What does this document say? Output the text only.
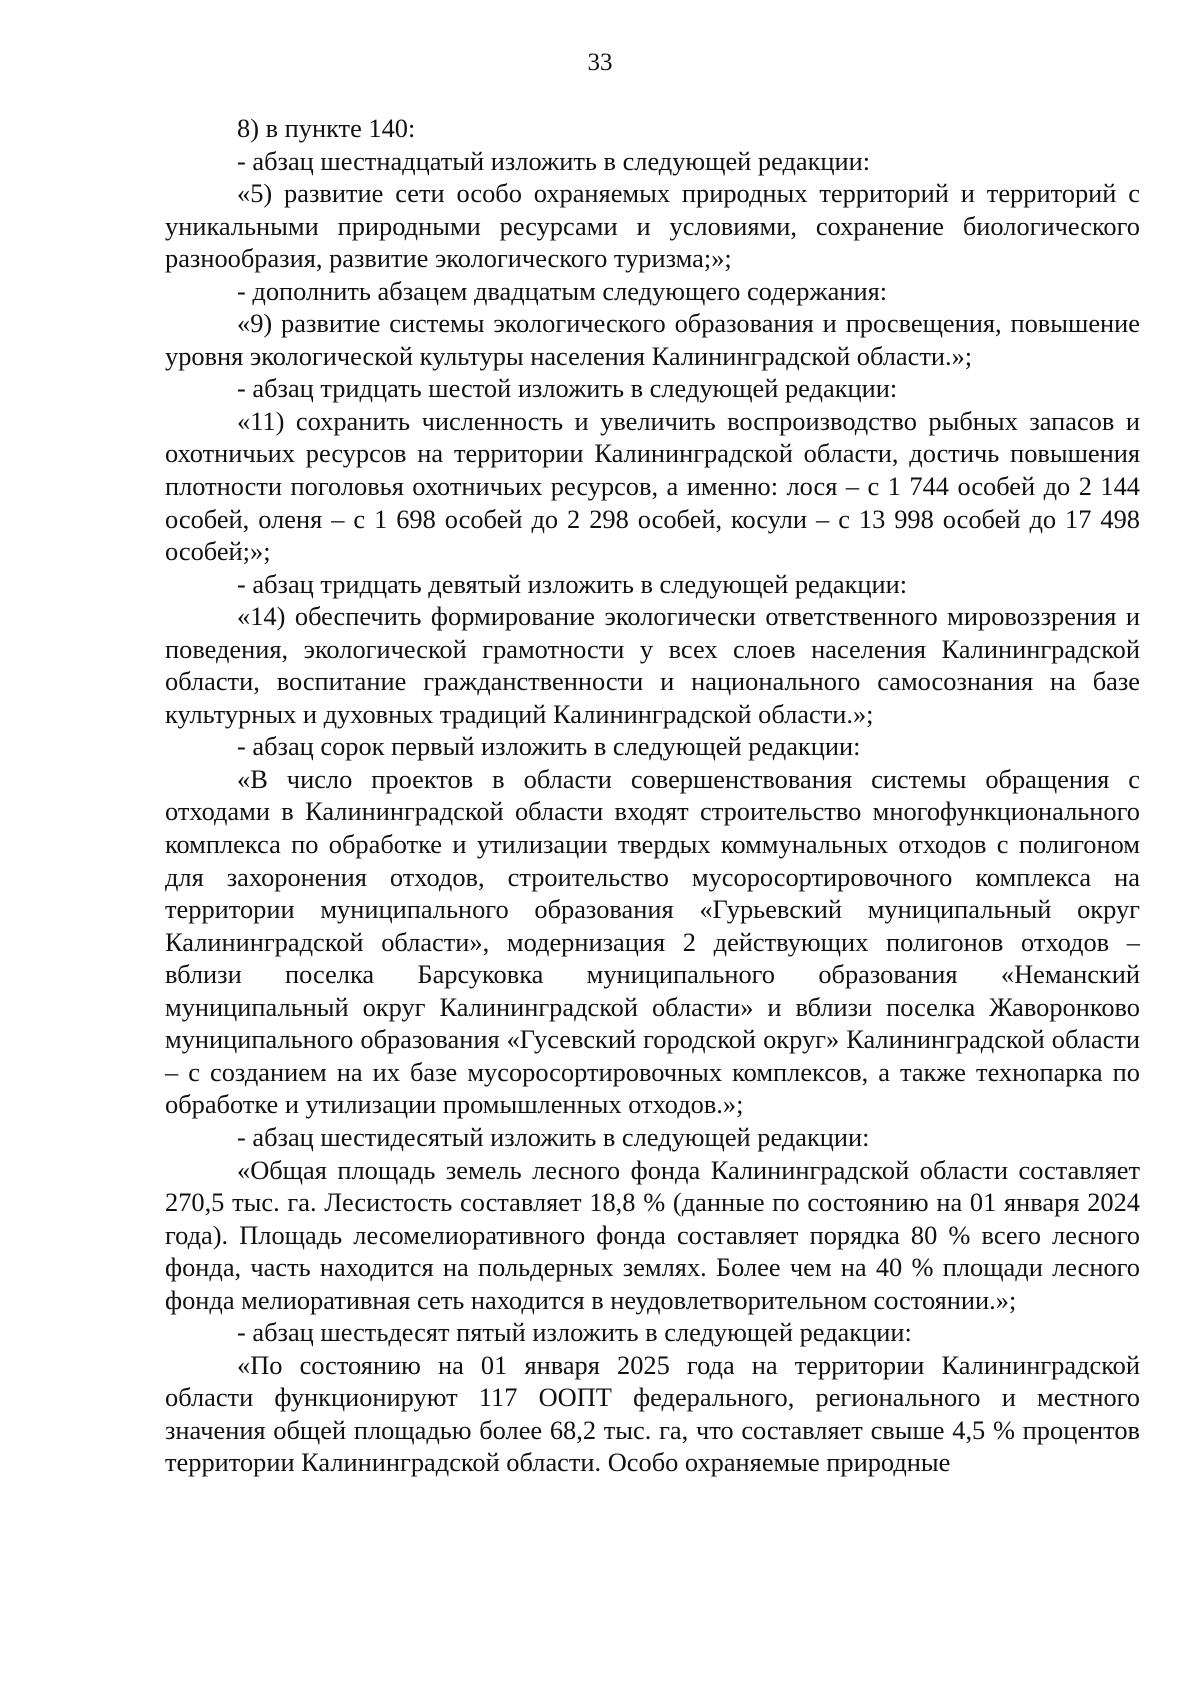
33

8) в пункте 140:

- абзац шестнадцатый изложить в следующей редакции:

«5) развитие сети особо охраняемых природных территорий и территорий с уникальными природными ресурсами и условиями, сохранение биологического разнообразия, развитие экологического туризма;»;

- дополнить абзацем двадцатым следующего содержания:

«9) развитие системы экологического образования и просвещения, повышение уровня экологической культуры населения Калининградской области.»;

- абзац тридцать шестой изложить в следующей редакции:

«11) сохранить численность и увеличить воспроизводство рыбных запасов и охотничьих ресурсов на территории Калининградской области, достичь повышения плотности поголовья охотничьих ресурсов, а именно: лося – с 1 744 особей до 2 144 особей, оленя – с 1 698 особей до 2 298 особей, косули – с 13 998 особей до 17 498 особей;»;

- абзац тридцать девятый изложить в следующей редакции:

«14) обеспечить формирование экологически ответственного мировоззрения и поведения, экологической грамотности у всех слоев населения Калининградской области, воспитание гражданственности и национального самосознания на базе культурных и духовных традиций Калининградской области.»;

- абзац сорок первый изложить в следующей редакции:

«В число проектов в области совершенствования системы обращения с отходами в Калининградской области входят строительство многофункционального комплекса по обработке и утилизации твердых коммунальных отходов с полигоном для захоронения отходов, строительство мусоросортировочного комплекса на территории муниципального образования «Гурьевский муниципальный округ Калининградской области», модернизация 2 действующих полигонов отходов – вблизи поселка Барсуковка муниципального образования «Неманский муниципальный округ Калининградской области» и вблизи поселка Жаворонково муниципального образования «Гусевский городской округ» Калининградской области – с созданием на их базе мусоросортировочных комплексов, а также технопарка по обработке и утилизации промышленных отходов.»;

- абзац шестидесятый изложить в следующей редакции:

«Общая площадь земель лесного фонда Калининградской области составляет 270,5 тыс. га. Лесистость составляет 18,8 % (данные по состоянию на 01 января 2024 года). Площадь лесомелиоративного фонда составляет порядка 80 % всего лесного фонда, часть находится на польдерных землях. Более чем на 40 % площади лесного фонда мелиоративная сеть находится в неудовлетворительном состоянии.»;

- абзац шестьдесят пятый изложить в следующей редакции:

«По состоянию на 01 января 2025 года на территории Калининградской области функционируют 117 ООПТ федерального, регионального и местного значения общей площадью более 68,2 тыс. га, что составляет свыше 4,5 % процентов территории Калининградской области. Особо охраняемые природные
